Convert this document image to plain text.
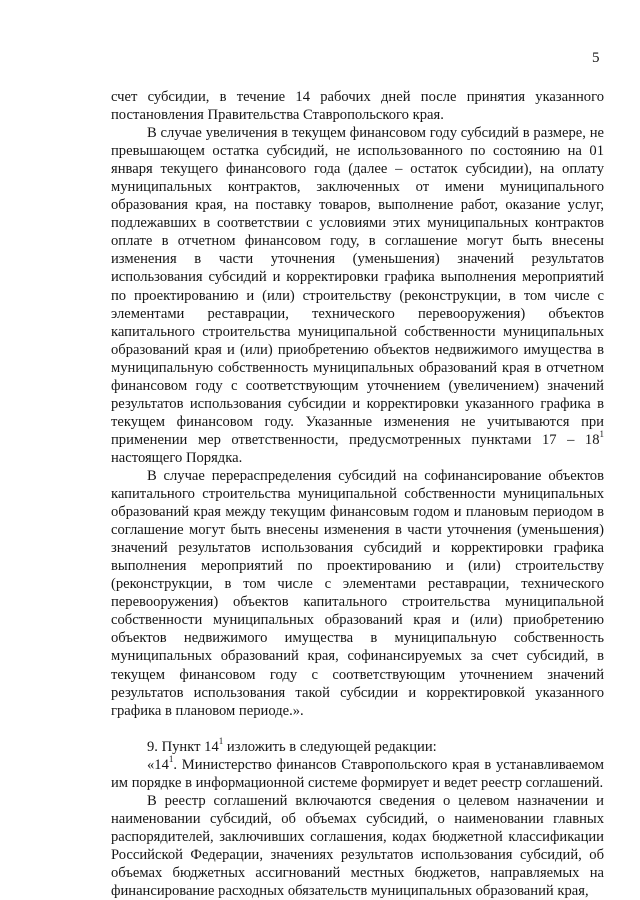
5

счет субсидии, в течение 14 рабочих дней после принятия указанного постановления Правительства Ставропольского края.

В случае увеличения в текущем финансовом году субсидий в размере, не превышающем остатка субсидий, не использованного по состоянию на 01 января текущего финансового года (далее – остаток субсидии), на оплату муниципальных контрактов, заключенных от имени муниципального образования края, на поставку товаров, выполнение работ, оказание услуг, подлежавших в соответствии с условиями этих муниципальных контрактов оплате в отчетном финансовом году, в соглашение могут быть внесены изменения в части уточнения (уменьшения) значений результатов использования субсидий и корректировки графика выполнения мероприятий по проектированию и (или) строительству (реконструкции, в том числе с элементами реставрации, технического перевооружения) объектов капитального строительства муниципальной собственности муниципальных образований края и (или) приобретению объектов недвижимого имущества в муниципальную собственность муниципальных образований края в отчетном финансовом году с соответствующим уточнением (увеличением) значений результатов использования субсидии и корректировки указанного графика в текущем финансовом году. Указанные изменения не учитываются при применении мер ответственности, предусмотренных пунктами $17 - 18^1$ настоящего Порядка.

В случае перераспределения субсидий на софинансирование объектов капитального строительства муниципальной собственности муниципальных образований края между текущим финансовым годом и плановым периодом в соглашение могут быть внесены изменения в части уточнения (уменьшения) значений результатов использования субсидий и корректировки графика выполнения мероприятий по проектированию и (или) строительству (реконструкции, в том числе с элементами реставрации, технического перевооружения) объектов капитального строительства муниципальной собственности муниципальных образований края и (или) приобретению объектов недвижимого имущества в муниципальную собственность муниципальных образований края, софинансируемых за счет субсидий, в текущем финансовом году с соответствующим уточнением значений результатов использования такой субсидии и корректировкой указанного графика в плановом периоде.».

9. Пункт $14^1$ изложить в следующей редакции:

«$14^1$. Министерство финансов Ставропольского края в устанавливаемом им порядке в информационной системе формирует и ведет реестр соглашений.

В реестр соглашений включаются сведения о целевом назначении и наименовании субсидий, об объемах субсидий, о наименовании главных распорядителей, заключивших соглашения, кодах бюджетной классификации Российской Федерации, значениях результатов использования субсидий, об объемах бюджетных ассигнований местных бюджетов, направляемых на финансирование расходных обязательств муниципальных образований края,
